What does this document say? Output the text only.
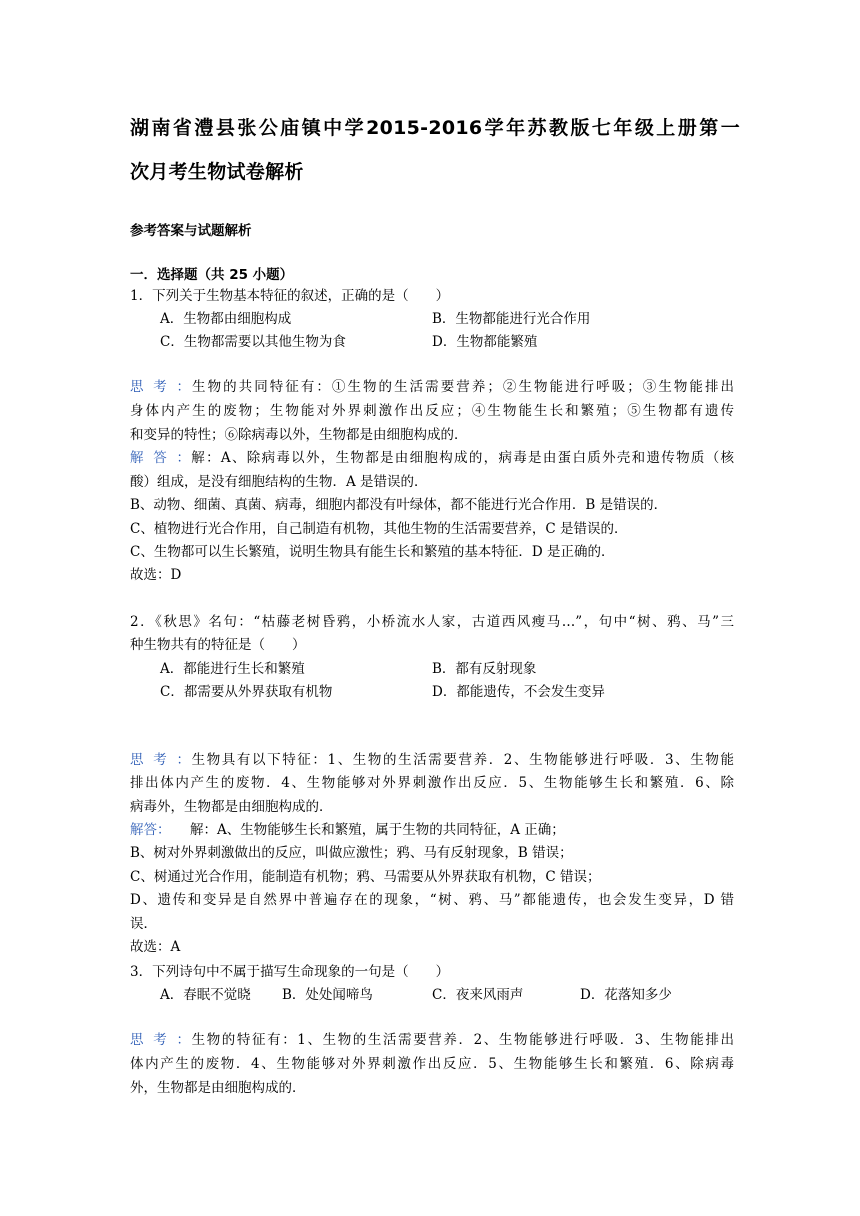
湖南省澧县张公庙镇中学2015-2016学年苏教版七年级上册第一
次月考生物试卷解析
参考答案与试题解析
一．选择题（共 25 小题）
1．下列关于生物基本特征的叙述，正确的是（　　）
A．生物都由细胞构成	B．生物都能进行光合作用
C．生物都需要以其他生物为食	D．生物都能繁殖
思考：生物的共同特征有：①生物的生活需要营养；②生物能进行呼吸；③生物能排出
身体内产生的废物；生物能对外界刺激作出反应；④生物能生长和繁殖；⑤生物都有遗传
和变异的特性；⑥除病毒以外，生物都是由细胞构成的．
解答：解：A、除病毒以外，生物都是由细胞构成的，病毒是由蛋白质外壳和遗传物质（核
酸）组成，是没有细胞结构的生物．A 是错误的．
B、动物、细菌、真菌、病毒，细胞内都没有叶绿体，都不能进行光合作用．B 是错误的．
C、植物进行光合作用，自己制造有机物，其他生物的生活需要营养，C 是错误的．
C、生物都可以生长繁殖，说明生物具有能生长和繁殖的基本特征．D 是正确的．
故选：D
2．《秋思》名句：“枯藤老树昏鸦，小桥流水人家，古道西风瘦马…”，句中“树、鸦、马”三
种生物共有的特征是（　　）
A．都能进行生长和繁殖	B．都有反射现象
C．都需要从外界获取有机物	D．都能遗传，不会发生变异
思考：生物具有以下特征：1、生物的生活需要营养．2、生物能够进行呼吸．3、生物能
排出体内产生的废物．4、生物能够对外界刺激作出反应．5、生物能够生长和繁殖．6、除
病毒外，生物都是由细胞构成的．
解答： 解：A、生物能够生长和繁殖，属于生物的共同特征，A 正确；
B、树对外界刺激做出的反应，叫做应激性；鸦、马有反射现象，B 错误；
C、树通过光合作用，能制造有机物；鸦、马需要从外界获取有机物，C 错误；
D、遗传和变异是自然界中普遍存在的现象，“树、鸦、马”都能遗传，也会发生变异，D 错
误．
故选：A
3．下列诗句中不属于描写生命现象的一句是（　　）
A．春眠不觉晓 B．处处闻啼鸟	C．夜来风雨声	D．花落知多少
思考：生物的特征有：1、生物的生活需要营养．2、生物能够进行呼吸．3、生物能排出
体内产生的废物．4、生物能够对外界刺激作出反应．5、生物能够生长和繁殖．6、除病毒
外，生物都是由细胞构成的．
